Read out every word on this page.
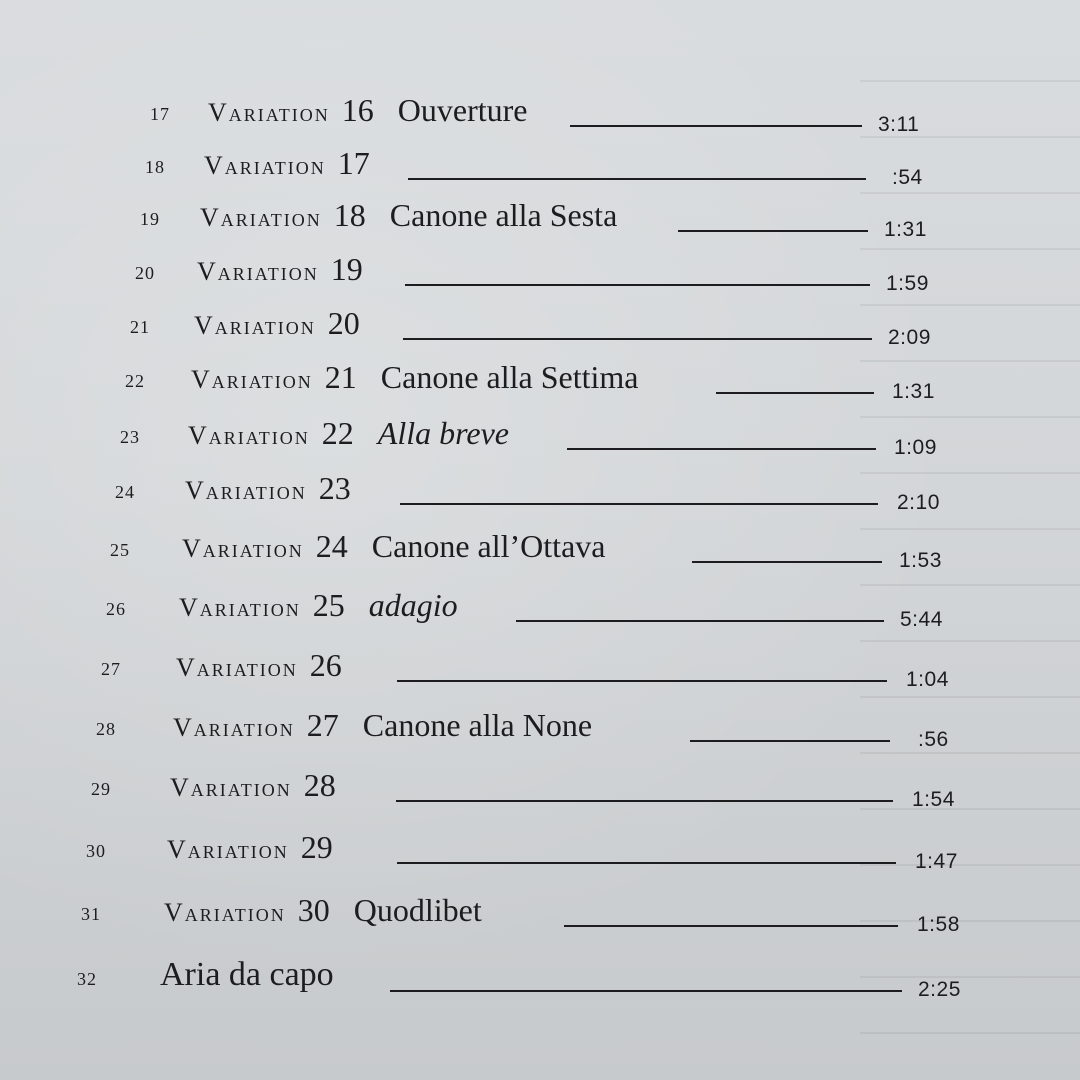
17 Variation 16 Ouverture	3:11
18 Variation 17	:54
19 Variation 18 Canone alla Sesta	1:31
20 Variation 19	1:59
21 Variation 20	2:09
22 Variation 21 Canone alla Settima	1:31
23 Variation 22 Alla breve	1:09
24 Variation 23	2:10
25 Variation 24 Canone all’Ottava	1:53
26 Variation 25 adagio	5:44
27 Variation 26	1:04
28 Variation 27 Canone alla None	:56
29 Variation 28	1:54
30 Variation 29	1:47
31 Variation 30 Quodlibet	1:58
32 Aria da capo	2:25
